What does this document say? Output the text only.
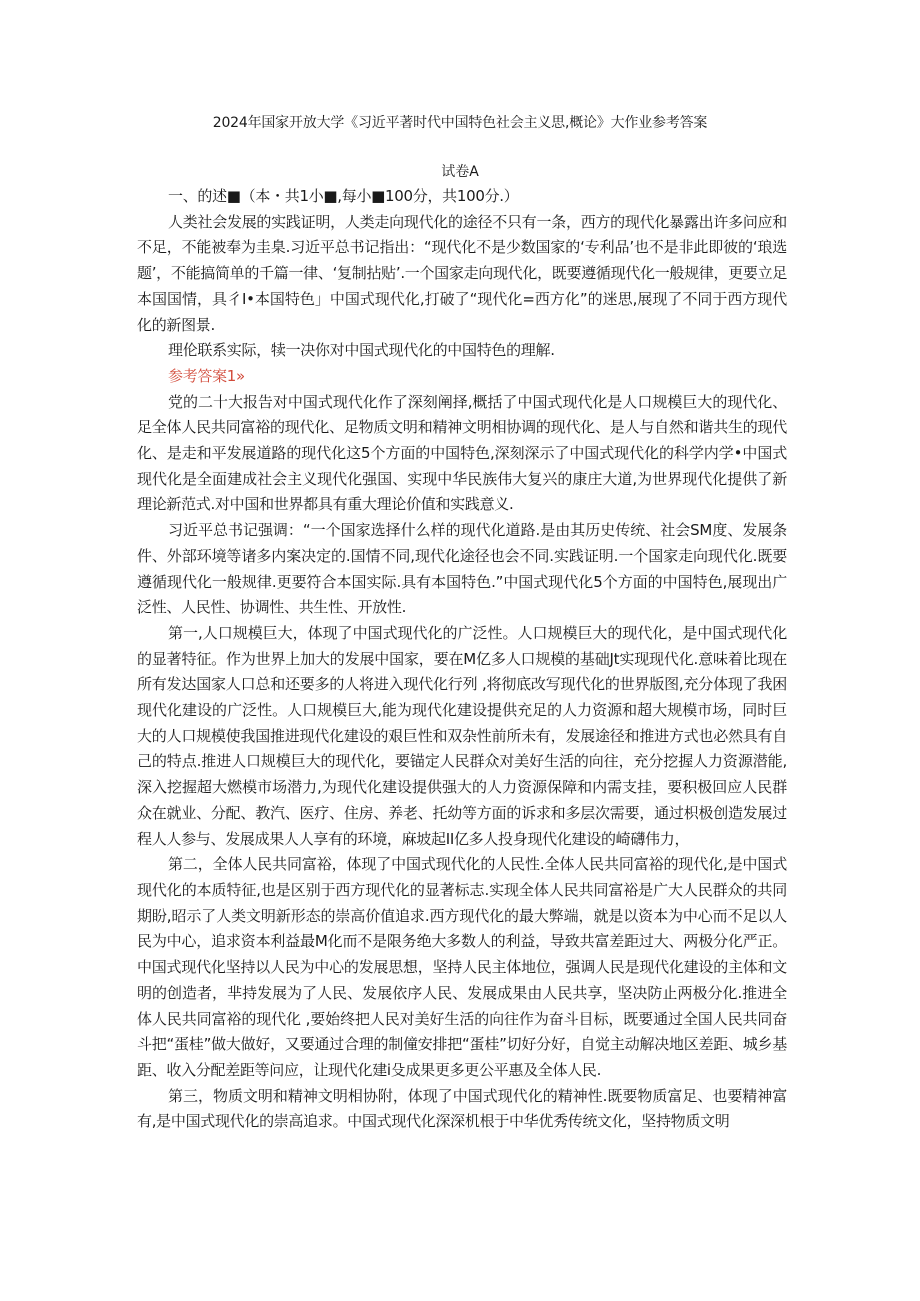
2024年国家开放大学《习近平著时代中国特色社会主义思,概论》大作业参考答案
试卷A

一、的述■（本・共1小■,每小■100分，共100分.）

人类社会发展的实践证明，人类走向现代化的途径不只有一条，西方的现代化暴露出许多问应和不足，不能被奉为圭臬.习近平总书记指出：“现代化不是少数国家的‘专利品’也不是非此即彼的‘琅选题’，不能搞简单的千篇一律、‘复制拈贴’.一个国家走向现代化，既要遵循现代化一般规律，更要立足本国国情，具彳I•本国特色」中国式现代化,打破了“现代化=西方化”的迷思,展现了不同于西方现代化的新图景.

理伦联系实际，犊一决你对中国式现代化的中国特色的理解.

参考答案1»

党的二十大报告对中国式现代化作了深刻阐择,概括了中国式现代化是人口规模巨大的现代化、足全体人民共同富裕的现代化、足物质文明和精神文明相协调的现代化、是人与自然和谐共生的现代化、是走和平发展道路的现代化这5个方面的中国特色,深刻深示了中国式现代化的科学内学•中国式现代化是全面建成社会主义现代化强国、实现中华民族伟大复兴的康庄大道,为世界现代化提供了新理论新范式.对中国和世界都具有重大理论价值和实践意义.

习近平总书记强调：“一个国家选择什么样的现代化道路.是由其历史传统、社会SM度、发展条件、外部环境等诸多内案决定的.国情不同,现代化途径也会不同.实践证明.一个国家走向现代化.既要遵循现代化一般规律.更要符合本国实际.具有本国特色.”中国式现代化5个方面的中国特色,展现出广泛性、人民性、协调性、共生性、开放性.

第一,人口规模巨大，体现了中国式现代化的广泛性。人口规模巨大的现代化，是中国式现代化的显著特征。作为世界上加大的发展中国家，要在M亿多人口规模的基础Jt实现现代化.意味着比现在所有发达国家人口总和还要多的人将进入现代化行列 ,将彻底改写现代化的世界版图,充分体现了我困现代化建设的广泛性。人口规模巨大,能为现代化建设提供充足的人力资源和超大规模市场，同时巨大的人口规模使我国推进现代化建设的艰巨性和双杂性前所未有，发展途径和推进方式也必然具有自己的特点.推进人口规模巨大的现代化，要锚定人民群众对美好生活的向往，充分挖握人力资源潜能,深入挖握超大燃模市场潜力,为现代化建设提供强大的人力资源保障和内需支挂，要积极回应人民群众在就业、分配、教汽、医疗、住房、养老、托幼等方面的诉求和多层次需要，通过枳极创造发展过程人人参与、发展成果人人享有的环境，麻坡起II亿多人投身现代化建设的崎礴伟力，

第二，全体人民共同富裕，体现了中国式现代化的人民性.全体人民共同富裕的现代化,是中国式现代化的本质特征,也是区别于西方现代化的显著标志.实现全体人民共同富裕是广大人民群众的共同期盼,昭示了人类文明新形态的崇高价值追求.西方现代化的最大弊端，就是以资本为中心而不足以人民为中心，追求资本利益最M化而不是限务绝大多数人的利益，导致共富差距过大、两极分化严正。中国式现代化坚持以人民为中心的发展思想，坚持人民主体地位，强调人民是现代化建设的主体和文明的创造者，芈持发展为了人民、发展依序人民、发展成果由人民共享，坚决防止两极分化.推进全体人民共同富裕的现代化 ,要始终把人民对美好生活的向往作为奋斗目标，既要通过全国人民共同奋斗把“蛋桂”做大做好，又要通过合理的制僮安排把“蛋桂”切好分好，自觉主动解决地区差距、城乡基距、收入分配差距等问应，让现代化建i殳成果更多更公平惠及全体人民.

第三，物质文明和精神文明相协附，体现了中国式现代化的精神性.既要物质富足、也要精神富有,是中国式现代化的崇高追求。中国式现代化深深机根于中华优秀传统文化，坚持物质文明
